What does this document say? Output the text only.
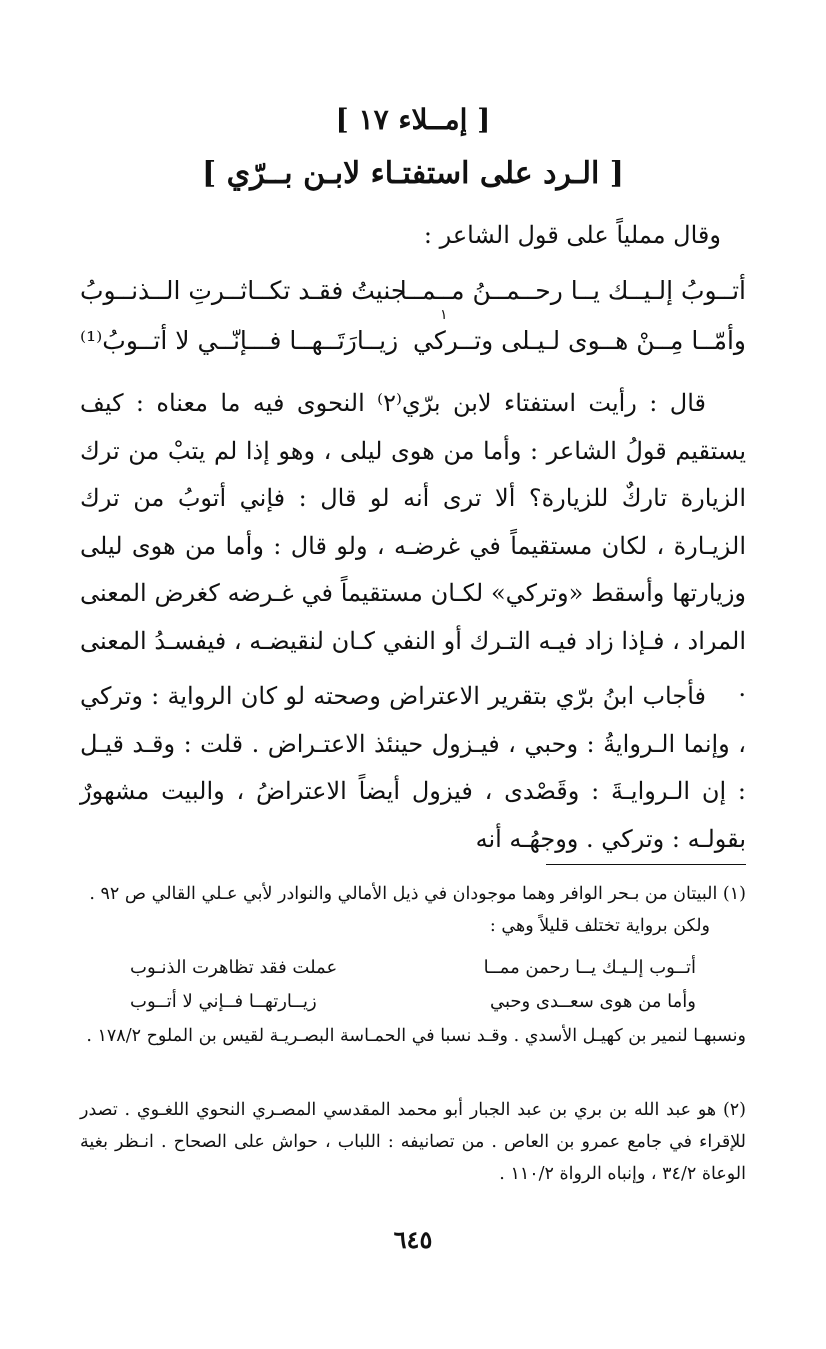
[ إمــلاء ١٧ ]
[ الـرد على استفتـاء لابـن بــرّي ]
وقال مملياً على قول الشاعر :
أتــوبُ إلـيــك يــا رحــمــنُ مــمــا
جنيتُ فقـد تكــاثــرتِ الــذنــوبُ
١
وأمّــا مِــنْ هــوى لـيـلى وتــركي
زيــارَتَــهــا فـــإنّــي لا أتــوبُ⁽¹⁾
قال : رأيت استفتاء لابن برّي⁽٢⁾ النحوى فيه ما معناه : كيف يستقيم قولُ الشاعر : وأما من هوى ليلى ، وهو إذا لم يتبْ من ترك الزيارة تاركٌ للزيارة؟ ألا ترى أنه لو قال : فإني أتوبُ من ترك الزيـارة ، لكان مستقيماً في غرضـه ، ولو قال : وأما من هوى ليلى وزيارتها وأسقط «وتركي» لكـان مستقيماً في غـرضه كغرض المعنى المراد ، فـإذا زاد فيـه التـرك أو النفي كـان لنقيضـه ، فيفسـدُ المعنى .
فأجاب ابنُ برّي بتقرير الاعتراض وصحته لو كان الرواية : وتركي ، وإنما الـروايةُ : وحبي ، فيـزول حينئذ الاعتـراض . قلت : وقـد قيـل : إن الـروايـةَ : وقَصْدى ، فيزول أيضاً الاعتراضُ ، والبيت مشهورٌ بقولـه : وتركي . ووجهُـه أنه
(١) البيتان من بـحر الوافر وهما موجودان في ذيل الأمالي والنوادر لأبي عـلي القالي ص ٩٢ .
ولكن برواية تختلف قليلاً وهي :
أتــوب إلـيـك يــا رحمن ممــا
عملت فقد تظاهرت الذنـوب
وأما من هوى سعــدى وحبي
زيــارتهــا فــإني لا أتــوب
ونسبهـا لنمير بن كهيـل الأسدي . وقـد نسبا في الحمـاسة البصـريـة لقيس بن الملوح ١٧٨/٢ .
(٢) هو عبد الله بن بري بن عبد الجبار أبو محمد المقدسي المصـري النحوي اللغـوي . تصدر للإقراء في جامع عمرو بن العاص . من تصانيفه : اللباب ، حواش على الصحاح . انـظر بغية الوعاة ٣٤/٢ ، وإنباه الرواة ١١٠/٢ .
٦٤٥
